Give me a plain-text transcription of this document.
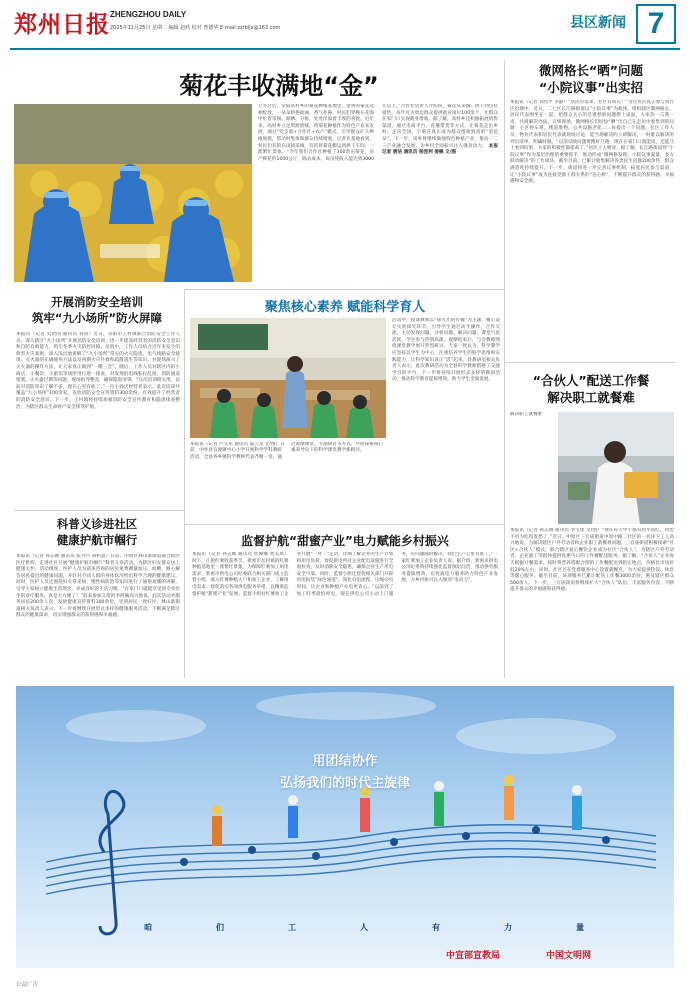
郑州日报 ZHENGZHOU DAILY
2025年11月25日 星期二 编辑 赵欣 校对 曾德华 E-mail:zzrbljx@163.com	县区新闻 7
菊花丰收满地“金”
立冬过后，荥阳高村乡的菊花种植基地里，金黄的菊花竞相绽放，一朵朵娇艳欲滴、香气扑鼻，村民们穿梭在花海中忙着采摘、晾晒、分拣，处处洋溢着丰收的喜悦。近年来，高村乡立足资源禀赋，将菊花种植作为特色产业来发展，通过“党支部+合作社+农户”模式，引导群众扩大种植规模，带动村集体和群众持续增收。记者在基地看到，村民们有的在田间采摘，有的将菊花搬运到烘干车间，一派繁忙景象。“今年我们合作社种植了300余亩菊花，亩产鲜花约1000公斤，除去成本，每亩纯收入能达到3000元以上。”合作社负责人介绍说，菊花从采摘、烘干到包装销售，每年可为周边群众提供就业岗位100余个，让群众在家门口实现就业增收。据了解，高村乡还积极拓展销售渠道，通过电商平台、直播带货等方式，让菊花走出乡村、走向全国，小菊花真正成为群众增收致富的“金花朵”。下一步，该乡将继续做强特色种植产业，推动一二三产业融合发展，为乡村全面振兴注入强劲动力。 本报记者 唐洁 通讯员 杨涅利 姜楠 文/图
微网格长“晒”问题
“小院议事”出实招
本报讯（记者 刘伟平 李静）“居民有需求，社区有回应！”为让居民真正参与到社区治理中，近日，二七区长江路街道以“小院议事”为载体，组织辖区微网格长、居民代表围坐在一起，把群众关心的急难愁盼问题摆上桌面，大家你一言我一语，共商解决办法。议事现场，微网格长们纷纷“晒”出自己在走访中收集到的问题：小区停车难、楼道堆物、公共设施老化……每提出一个问题，社区工作人员、物业代表和居民代表就现场讨论，能当场解决的立即解决，一时难以解决的列出清单、明确时限。“以前反映问题要跑好几趟，现在在家门口就能说，还能马上看到结果，大家的积极性都提高了。”居民王大姐说。据了解，长江路街道将“小院议事”作为基层治理的重要抓手，推动形成“微网格发现、小院议事商量、多方联动解决”的工作闭环，截至目前，已累计收集解决各类民生问题200余件，群众满意度持续提升。下一步，街道将进一步完善议事机制，拓宽居民参与渠道，让“小院议事”成为连接党群干群关系的“连心桥”，不断提升群众的获得感、幸福感和安全感。
开展消防安全培训
筑牢“九小场所”防火屏障
本报讯（记者 史治国 通讯员 谷清）近日，荥阳市王村镇联合消防安全工作人员，深入辖区“九小场所”开展消防安全培训，进一步提高经营者的消防安全意识和自防自救能力，筑牢冬季火灾防控屏障。培训中，工作人员结合近年来发生的典型火灾案例，深入浅出地讲解了“九小场所”常见的火灾隐患、电气线路安全使用、灭火器的正确使用方法以及初期火灾扑救和疏散逃生等知识，并现场演示了灭火器的操作方法，让大家真正做到“一懂三会”。随后，工作人员对辖区内的小商店、小餐饮、小旅馆等场所进行逐一排查，对发现的电线私拉乱接、消防通道堵塞、灭火器过期等问题，现场指导整改，确保隐患清零。“这次培训很实用，以前对消防知识了解不多，现在心里有底了。”一位小商店经营者表示。此次培训共覆盖“九小场所”100余家，发放消防安全宣传资料300余份，有效提升了经营者的消防安全意识。下一步，王村镇将持续加强消防安全宣传教育和隐患排查整治，为辖区群众生命财产安全保驾护航。
聚焦核心素养 赋能科学育人
本报讯（记者 卢文军 通讯员 董云龙 文/图）日前，中牟县官渡镇中心小学开展科学学科教研活动，全县各乡镇科学教师代表齐聚一堂，通过观摩课堂、专题研讨等方式，共同探索核心素养导向下的科学课堂教学新路径。
活动中，授课教师以“探究光的传播”为主题，精心设计实验探究环节，引导学生通过动手操作、合作交流，主动发现问题、分析问题、解决问题，课堂气氛活跃，学生参与热情高涨。观摩结束后，与会教师围绕课堂教学展开热烈研讨，大家一致认为，科学教学应坚持以学生为中心，注重培养学生的科学思维和实践能力，让科学知识真正“活”起来。县教研室相关负责人表示，此次教研活动为全县科学教师搭建了交流学习的平台，下一步将持续开展形式多样的教研活动，推动科学教育提质增效，助力学生全面发展。
科普义诊进社区
健康护航市帼行
本报讯（记者 孙志刚 通讯员 张丹丹 胡积盈）日前，中原区林山寨街道联合辖区医疗机构，走进社区开展“健康护航巾帼行”科普义诊活动，为辖区妇女群众送上健康关怀。活动现场，医护人员为前来咨询的居民免费测量血压、血糖，耐心解答居民提出的健康问题，并针对不同人群的身体状况给出科学合理的健康建议。同时，医护人员还围绕妇女常见病、慢性病防治等知识进行了通俗易懂的讲解，引导大家树立健康生活理念，养成良好的生活习惯。“在家门口就能享受到专业医生的诊疗服务，真是太方便了！”前来参加义诊的李阿姨高兴地说。此次活动共服务居民200余人次，发放健康宣传资料300余份，受到居民一致好评。林山寨街道相关负责人表示，下一步将继续开展形式多样的健康服务活动，不断满足辖区群众的健康需求，切实增强群众的获得感和幸福感。
监督护航“甜蜜产业”电力赋能乡村振兴
本报讯（记者 孙志刚 通讯员 杜俊娜 黄美琪）时下，正值红薯收获季节，新密市岳村镇的红薯种植基地里一派繁忙景象。为保障红薯加工用电需求，新密市供电公司纪委联合相关部门成立监督小组，深入红薯种植大户和加工企业，了解用电需求，督促落实各项供电服务举措，以精准监督护航“甜蜜产业”发展。监督小组对红薯加工企业开展“一对一”走访，详细了解企业的生产计划和用电负荷，督促供电所对企业配电设施进行全面检查，及时消除安全隐患，确保企业生产用电安全可靠。同时，监督小组还督促相关部门开辟用电报装“绿色通道”，简化办电流程，压缩办电时间，让企业和种植户办电更省心。“以前到了加工旺季最怕停电，现在供电公司主动上门服务，有问题随时解决，我们生产心里有底了。”一家红薯加工企业负责人说。据介绍，新密市供电公司纪委将持续强化监督执纪问责，推动供电服务提质增效，以优质电力服务助力特色产业发展，为乡村振兴注入强劲“电动力”。
“合伙人”配送工作餐
解决职工就餐难
解决职工就餐难
本报讯（记者 孙志刚 通讯员 李宝莲 文/图）“现在每天中午都有热乎饭吃，再也不用为吃饭发愁了。”近日，中原区三官庙街道中原中路二社区的一名环卫工人高兴地说。为解决辖区户外劳动者和企业职工就餐难问题，三官庙街道积极探索“社区+合伙人”模式，联合辖区爱心餐饮企业成为社区“合伙人”，为辖区户外劳动者、企业职工等群体提供优惠可口的工作餐配送服务。据了解，“合伙人”企业每天根据订餐需求，按时将营养搭配合理的工作餐配送到指定地点，价格比市场价低20%左右。同时，社区还在党群服务中心设置就餐点，为大家提供热饭、休息等暖心服务。截至目前，该项服务已累计配送工作餐3000余份，惠及辖区群众500余人。下一步，三官庙街道将继续扩大“合伙人”队伍，丰富服务内容，不断提升群众的幸福感和获得感。
用团结协作
弘扬我们的时代主旋律
咱	们	工	人	有	力	量
中宣部宣教局	中国文明网
公益广告
